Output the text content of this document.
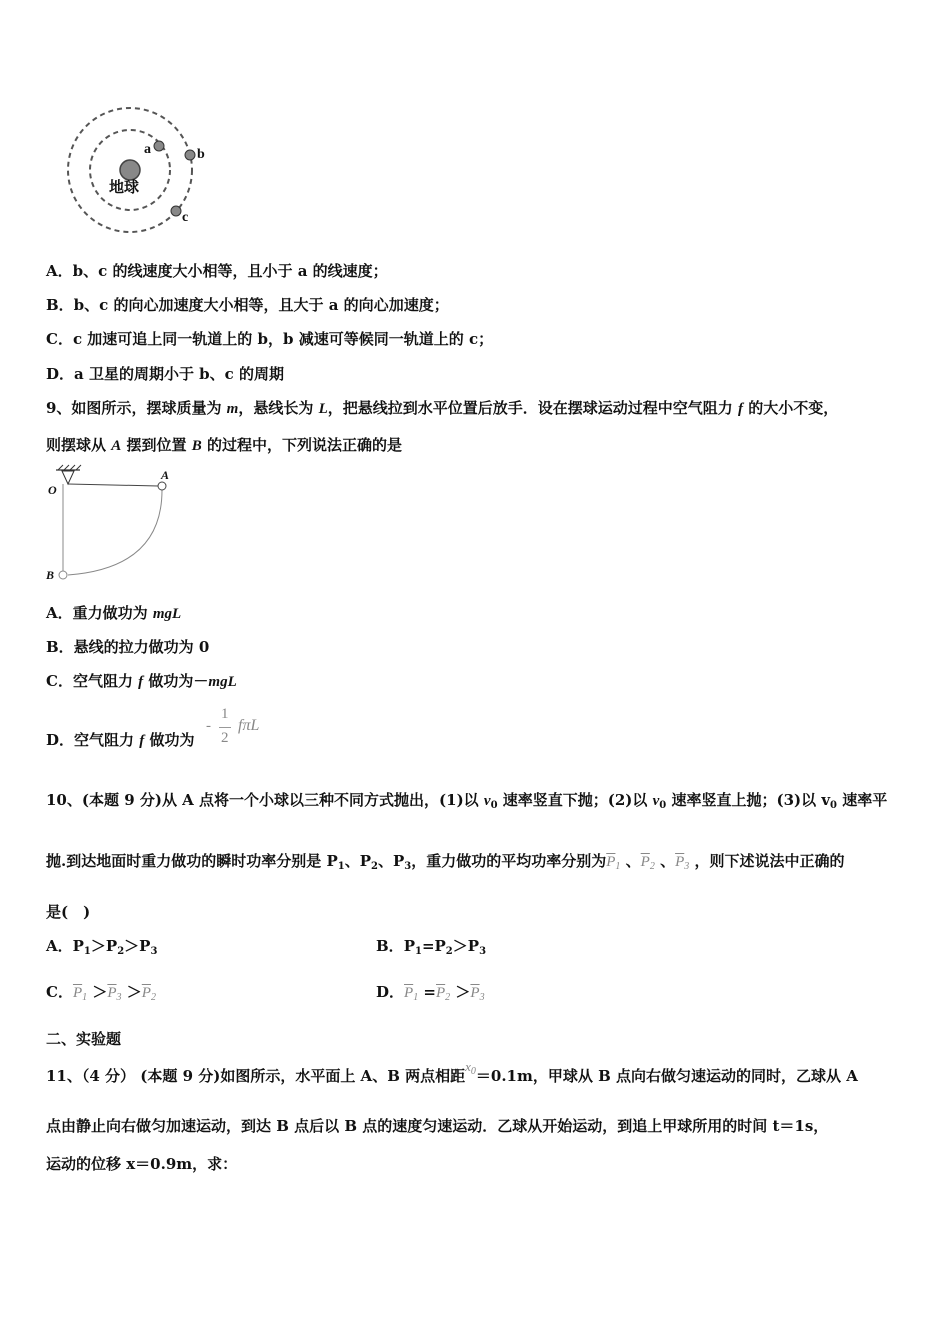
地球
a	b
c
A．b、c 的线速度大小相等，且小于 a 的线速度；
B．b、c 的向心加速度大小相等，且大于 a 的向心加速度；
C．c 加速可追上同一轨道上的 b，b 减速可等候同一轨道上的 c；
D．a 卫星的周期小于 b、c 的周期
9、如图所示，摆球质量为 m，悬线长为 L，把悬线拉到水平位置后放手．设在摆球运动过程中空气阻力 f 的大小不变，
则摆球从 A 摆到位置 B 的过程中，下列说法正确的是
O
A
B
A．重力做功为 mgL
B．悬线的拉力做功为 0
C．空气阻力 f 做功为－mgL
D．空气阻力 f 做功为
-
1
2
fπL
10、(本题 9 分)从 A 点将一个小球以三种不同方式抛出，(1)以 $v_0$ 速率竖直下抛；(2)以 $v_0$ 速率竖直上抛；(3)以 $v_0$ 速率平
抛.到达地面时重力做功的瞬时功率分别是 $P_1$、$P_2$、$P_3$，重力做功的平均功率分别为$\overline{P}_1$ 、$\overline{P}_2$ 、$\overline{P}_3$ ，则下述说法中正确的
是(　)
A．$P_1>P_2>P_3$	B．$P_1=P_2>P_3$
C．$\overline{P}_1 >\overline{P}_3 >\overline{P}_2$	D．$\overline{P}_1 =\overline{P}_2 >\overline{P}_3$
二、实验题
11、（4 分） (本题 9 分)如图所示，水平面上 A、B 两点相距$x_0=0.1m$，甲球从 B 点向右做匀速运动的同时，乙球从 A
点由静止向右做匀加速运动，到达 B 点后以 B 点的速度匀速运动．乙球从开始运动，到追上甲球所用的时间 t＝1s，
运动的位移 x＝0.9m，求：
